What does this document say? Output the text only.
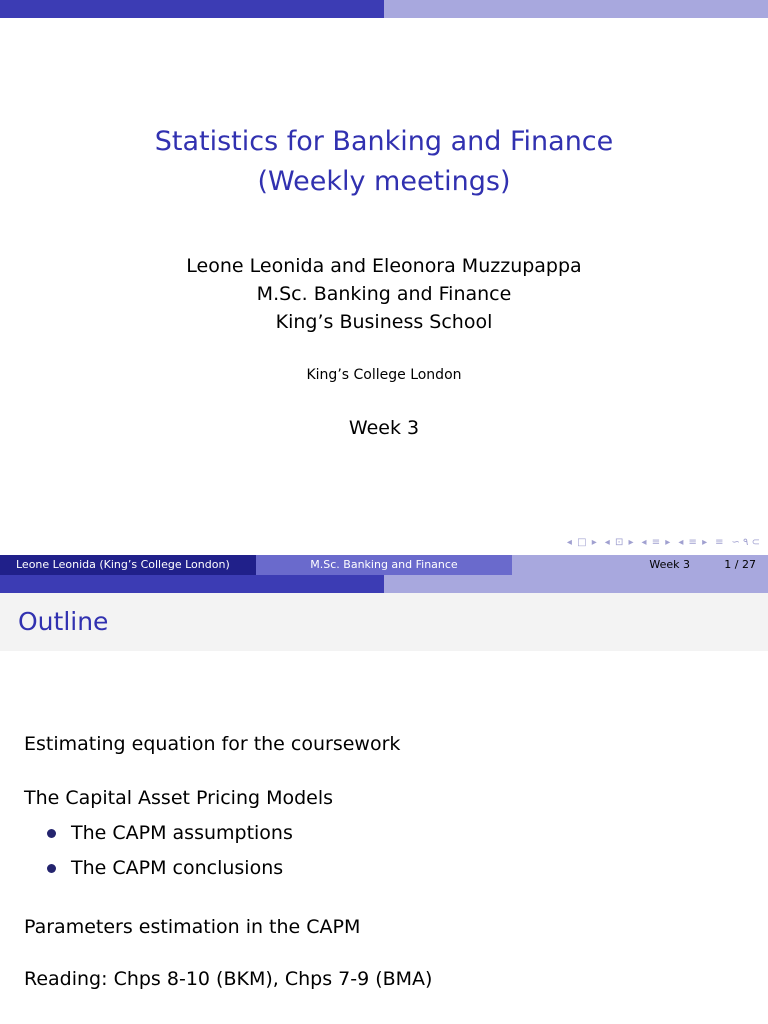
Statistics for Banking and Finance
(Weekly meetings)
Leone Leonida and Eleonora Muzzupappa
M.Sc. Banking and Finance
King’s Business School
King’s College London
Week 3
◂ □ ▸ ◂ ⊡ ▸ ◂ ≡ ▸ ◂ ≡ ▸ ≡ ∽ ۹ ⊂
Leone Leonida (King’s College London)	M.Sc. Banking and Finance	Week 3	1 / 27
Outline

Estimating equation for the coursework

The Capital Asset Pricing Models

The CAPM assumptions
The CAPM conclusions

Parameters estimation in the CAPM

Reading: Chps 8-10 (BKM), Chps 7-9 (BMA)
